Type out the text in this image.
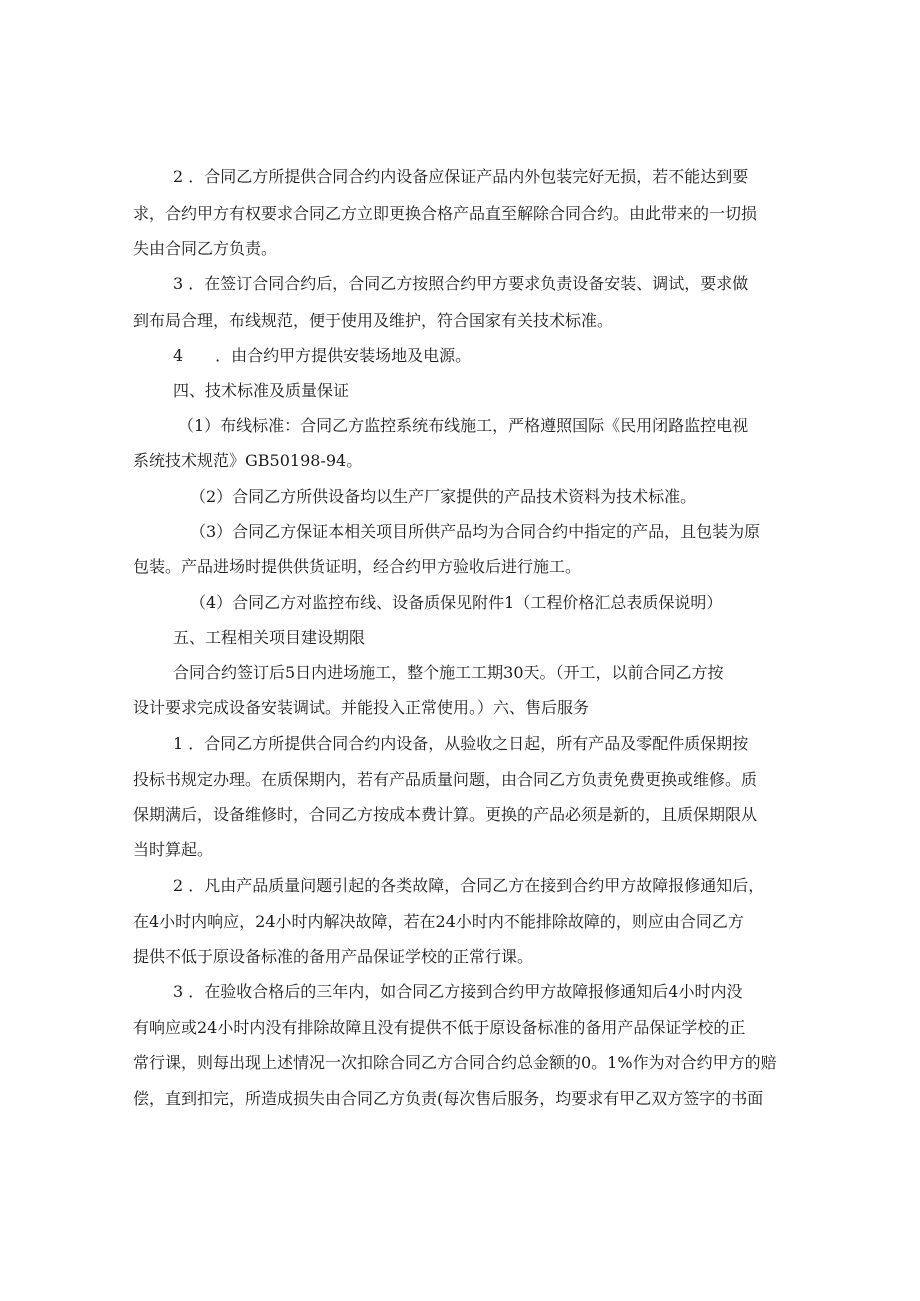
2 ．合同乙方所提供合同合约内设备应保证产品内外包装完好无损，若不能达到要
求，合约甲方有权要求合同乙方立即更换合格产品直至解除合同合约。由此带来的一切损
失由合同乙方负责。
3 ．在签订合同合约后，合同乙方按照合约甲方要求负责设备安装、调试，要求做
到布局合理，布线规范，便于使用及维护，符合国家有关技术标准。
4　　．由合约甲方提供安装场地及电源。
四、技术标准及质量保证
（1）布线标准：合同乙方监控系统布线施工，严格遵照国际《民用闭路监控电视
系统技术规范》GB50198-94。
（2）合同乙方所供设备均以生产厂家提供的产品技术资料为技术标准。
（3）合同乙方保证本相关项目所供产品均为合同合约中指定的产品，且包装为原
包装。产品进场时提供供货证明，经合约甲方验收后进行施工。
（4）合同乙方对监控布线、设备质保见附件1（工程价格汇总表质保说明）
五、工程相关项目建设期限
合同合约签订后5日内进场施工，整个施工工期30天。（开工，以前合同乙方按
设计要求完成设备安装调试。并能投入正常使用。）六、售后服务
1 ．合同乙方所提供合同合约内设备，从验收之日起，所有产品及零配件质保期按
投标书规定办理。在质保期内，若有产品质量问题，由合同乙方负责免费更换或维修。质
保期满后，设备维修时，合同乙方按成本费计算。更换的产品必须是新的，且质保期限从
当时算起。
2 ．凡由产品质量问题引起的各类故障，合同乙方在接到合约甲方故障报修通知后，
在4小时内响应，24小时内解决故障，若在24小时内不能排除故障的，则应由合同乙方
提供不低于原设备标准的备用产品保证学校的正常行课。
3 ．在验收合格后的三年内，如合同乙方接到合约甲方故障报修通知后4小时内没
有响应或24小时内没有排除故障且没有提供不低于原设备标准的备用产品保证学校的正
常行课，则每出现上述情况一次扣除合同乙方合同合约总金额的0。1%作为对合约甲方的赔
偿，直到扣完，所造成损失由合同乙方负责(每次售后服务，均要求有甲乙双方签字的书面
